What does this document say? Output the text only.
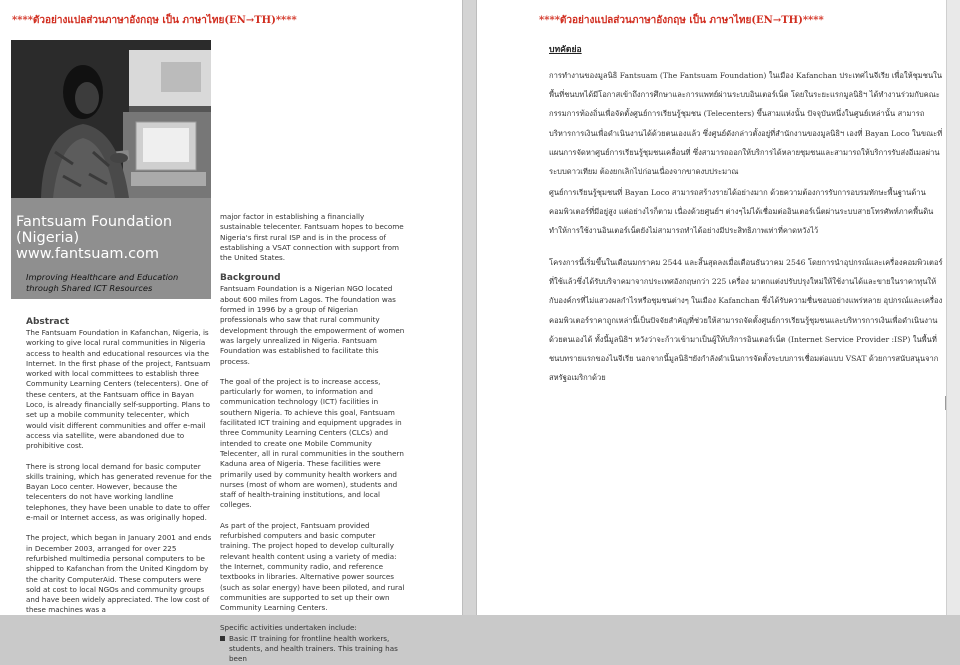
****ตัวอย่างแปลส่วนภาษาอังกฤษ เป็น ภาษาไทย(EN→TH)****
Fantsuam Foundation
(Nigeria)
www.fantsuam.com
Improving Healthcare and Education through Shared ICT Resources
Abstract

The Fantsuam Foundation in Kafanchan, Nigeria, is working to give local rural communities in Nigeria access to health and educational resources via the Internet. In the first phase of the project, Fantsuam worked with local committees to establish three Community Learning Centers (telecenters). One of these centers, at the Fantsuam office in Bayan Loco, is already financially self-supporting. Plans to set up a mobile community telecenter, which would visit different communities and offer e-mail access via satellite, were abandoned due to prohibitive cost.

There is strong local demand for basic computer skills training, which has generated revenue for the Bayan Loco center. However, because the telecenters do not have working landline telephones, they have been unable to date to offer e-mail or Internet access, as was originally hoped.

The project, which began in January 2001 and ends in December 2003, arranged for over 225 refurbished multimedia personal computers to be shipped to Kafanchan from the United Kingdom by the charity ComputerAid. These computers were sold at cost to local NGOs and community groups and have been widely appreciated. The low cost of these machines was a

major factor in establishing a financially sustainable telecenter. Fantsuam hopes to become Nigeria's first rural ISP and is in the process of establishing a VSAT connection with support from the United States.

Background

Fantsuam Foundation is a Nigerian NGO located about 600 miles from Lagos. The foundation was formed in 1996 by a group of Nigerian professionals who saw that rural community development through the empowerment of women was largely unrealized in Nigeria. Fantsuam Foundation was established to facilitate this process.

The goal of the project is to increase access, particularly for women, to information and communication technology (ICT) facilities in southern Nigeria. To achieve this goal, Fantsuam facilitated ICT training and equipment upgrades in three Community Learning Centers (CLCs) and intended to create one Mobile Community Telecenter, all in rural communities in the southern Kaduna area of Nigeria. These facilities were primarily used by community health workers and nurses (most of whom are women), students and staff of health-training institutions, and local colleges.

As part of the project, Fantsuam provided refurbished computers and basic computer training. The project hoped to develop culturally relevant health content using a variety of media: the Internet, community radio, and reference textbooks in libraries. Alternative power sources (such as solar energy) have been piloted, and rural communities are supported to set up their own Community Learning Centers.

Specific activities undertaken include:

Basic IT training for frontline health workers, students, and health trainers. This training has been
****ตัวอย่างแปลส่วนภาษาอังกฤษ เป็น ภาษาไทย(EN→TH)****
บทคัดย่อ
การทำงานของมูลนิธิ Fantsuam (The Fantsuam Foundation) ในเมือง Kafanchan ประเทศไนจีเรีย เพื่อให้ชุมชนในพื้นที่ชนบทได้มีโอกาสเข้าถึงการศึกษาและการแพทย์ผ่านระบบอินเตอร์เน็ต โดยในระยะแรกมูลนิธิฯ ได้ทำงานร่วมกับคณะกรรมการท้องถิ่นเพื่อจัดตั้งศูนย์การเรียนรู้ชุมชน (Telecenters) ขึ้นสามแห่งนั้น ปัจจุบันหนึ่งในศูนย์เหล่านั้น สามารถบริหารการเงินเพื่อดำเนินงานได้ด้วยตนเองแล้ว ซึ่งศูนย์ดังกล่าวตั้งอยู่ที่สำนักงานของมูลนิธิฯ เองที่ Bayan Loco ในขณะที่แผนการจัดหาศูนย์การเรียนรู้ชุมชนเคลื่อนที่ ซึ่งสามารถออกให้บริการได้หลายชุมชนและสามารถให้บริการรับส่งอีเมลผ่านระบบดาวเทียม ต้องยกเลิกไปก่อนเนื่องจากขาดงบประมาณ
ศูนย์การเรียนรู้ชุมชนที่ Bayan Loco สามารถสร้างรายได้อย่างมาก ด้วยความต้องการรับการอบรมทักษะพื้นฐานด้านคอมพิวเตอร์ที่มีอยู่สูง แต่อย่างไรก็ตาม เนื่องด้วยศูนย์ฯ ต่างๆไม่ได้เชื่อมต่ออินเตอร์เน็ตผ่านระบบสายโทรศัพท์ภาคพื้นดิน ทำให้การใช้งานอินเตอร์เน็ตยังไม่สามารถทำได้อย่างมีประสิทธิภาพเท่าที่คาดหวังไว้
โครงการนี้เริ่มขึ้นในเดือนมกราคม 2544 และสิ้นสุดลงเมื่อเดือนธันวาคม 2546 โดยการนำอุปกรณ์และเครื่องคอมพิวเตอร์ที่ใช้แล้วซึ่งได้รับบริจาคมาจากประเทศอังกฤษกว่า 225 เครื่อง มาตกแต่งปรับปรุงใหม่ให้ใช้งานได้และขายในราคาทุนให้กับองค์กรที่ไม่แสวงผลกำไรหรือชุมชนต่างๆ ในเมือง Kafanchan ซึ่งได้รับความชื่นชอบอย่างแพร่หลาย อุปกรณ์และเครื่องคอมพิวเตอร์ราคาถูกเหล่านี้เป็นปัจจัยสำคัญที่ช่วยให้สามารถจัดตั้งศูนย์การเรียนรู้ชุมชนและบริหารการเงินเพื่อดำเนินงานด้วยตนเองได้ ทั้งนี้มูลนิธิฯ หวังว่าจะก้าวเข้ามาเป็นผู้ให้บริการอินเตอร์เน็ต (Internet Service Provider :ISP) ในพื้นที่ชนบทรายแรกของไนจีเรีย นอกจากนี้มูลนิธิฯยังกำลังดำเนินการจัดตั้งระบบการเชื่อมต่อแบบ VSAT ด้วยการสนับสนุนจากสหรัฐอเมริกาด้วย
